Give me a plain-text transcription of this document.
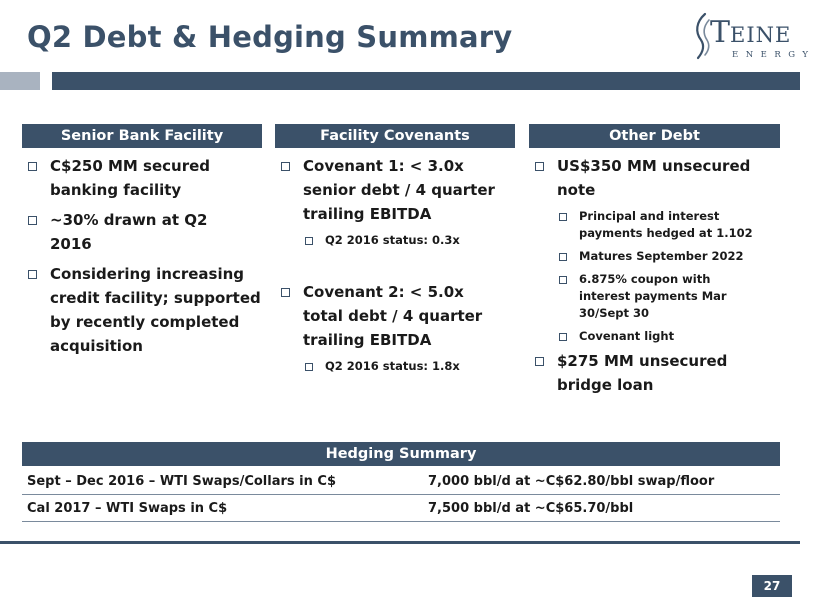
Q2 Debt & Hedging Summary	TEINE
ENERGY
Senior Bank Facility
C$250 MM secured
banking facility
~30% drawn at Q2
2016
Considering increasing
credit facility; supported
by recently completed
acquisition
Facility Covenants
Covenant 1: < 3.0x
senior debt / 4 quarter
trailing EBITDA
Q2 2016 status: 0.3x
Covenant 2: < 5.0x
total debt / 4 quarter
trailing EBITDA
Q2 2016 status: 1.8x
Other Debt
US$350 MM unsecured
note
Principal and interest
payments hedged at 1.102
Matures September 2022
6.875% coupon with
interest payments Mar
30/Sept 30
Covenant light
$275 MM unsecured
bridge loan
Hedging Summary
Sept – Dec 2016 – WTI Swaps/Collars in C$	7,000 bbl/d at ~C$62.80/bbl swap/floor
Cal 2017 – WTI Swaps in C$	7,500 bbl/d at ~C$65.70/bbl
27
